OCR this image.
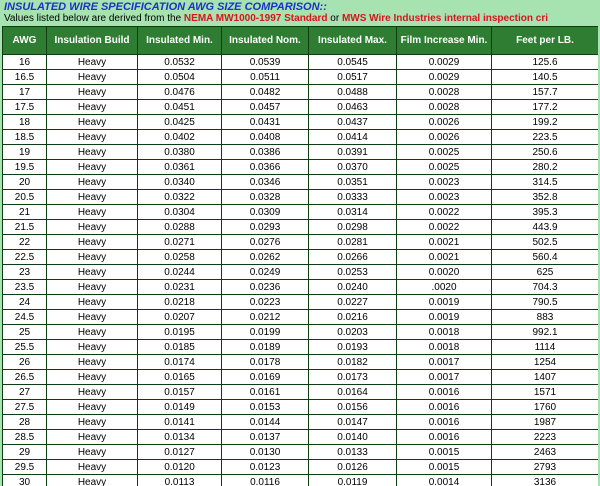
INSULATED WIRE SPECIFICATION AWG SIZE COMPARISON::
Values listed below are derived from the NEMA MW1000-1997 Standard or MWS Wire Industries internal inspection cri
AWG	Insulation Build	Insulated Min.	Insulated Nom.	Insulated Max.	Film Increase Min.	Feet per LB.
16	Heavy	0.0532	0.0539	0.0545	0.0029	125.6
16.5	Heavy	0.0504	0.0511	0.0517	0.0029	140.5
17	Heavy	0.0476	0.0482	0.0488	0.0028	157.7
17.5	Heavy	0.0451	0.0457	0.0463	0.0028	177.2
18	Heavy	0.0425	0.0431	0.0437	0.0026	199.2
18.5	Heavy	0.0402	0.0408	0.0414	0.0026	223.5
19	Heavy	0.0380	0.0386	0.0391	0.0025	250.6
19.5	Heavy	0.0361	0.0366	0.0370	0.0025	280.2
20	Heavy	0.0340	0.0346	0.0351	0.0023	314.5
20.5	Heavy	0.0322	0.0328	0.0333	0.0023	352.8
21	Heavy	0.0304	0.0309	0.0314	0.0022	395.3
21.5	Heavy	0.0288	0.0293	0.0298	0.0022	443.9
22	Heavy	0.0271	0.0276	0.0281	0.0021	502.5
22.5	Heavy	0.0258	0.0262	0.0266	0.0021	560.4
23	Heavy	0.0244	0.0249	0.0253	0.0020	625
23.5	Heavy	0.0231	0.0236	0.0240	.0020	704.3
24	Heavy	0.0218	0.0223	0.0227	0.0019	790.5
24.5	Heavy	0.0207	0.0212	0.0216	0.0019	883
25	Heavy	0.0195	0.0199	0.0203	0.0018	992.1
25.5	Heavy	0.0185	0.0189	0.0193	0.0018	1114
26	Heavy	0.0174	0.0178	0.0182	0.0017	1254
26.5	Heavy	0.0165	0.0169	0.0173	0.0017	1407
27	Heavy	0.0157	0.0161	0.0164	0.0016	1571
27.5	Heavy	0.0149	0.0153	0.0156	0.0016	1760
28	Heavy	0.0141	0.0144	0.0147	0.0016	1987
28.5	Heavy	0.0134	0.0137	0.0140	0.0016	2223
29	Heavy	0.0127	0.0130	0.0133	0.0015	2463
29.5	Heavy	0.0120	0.0123	0.0126	0.0015	2793
30	Heavy	0.0113	0.0116	0.0119	0.0014	3136
